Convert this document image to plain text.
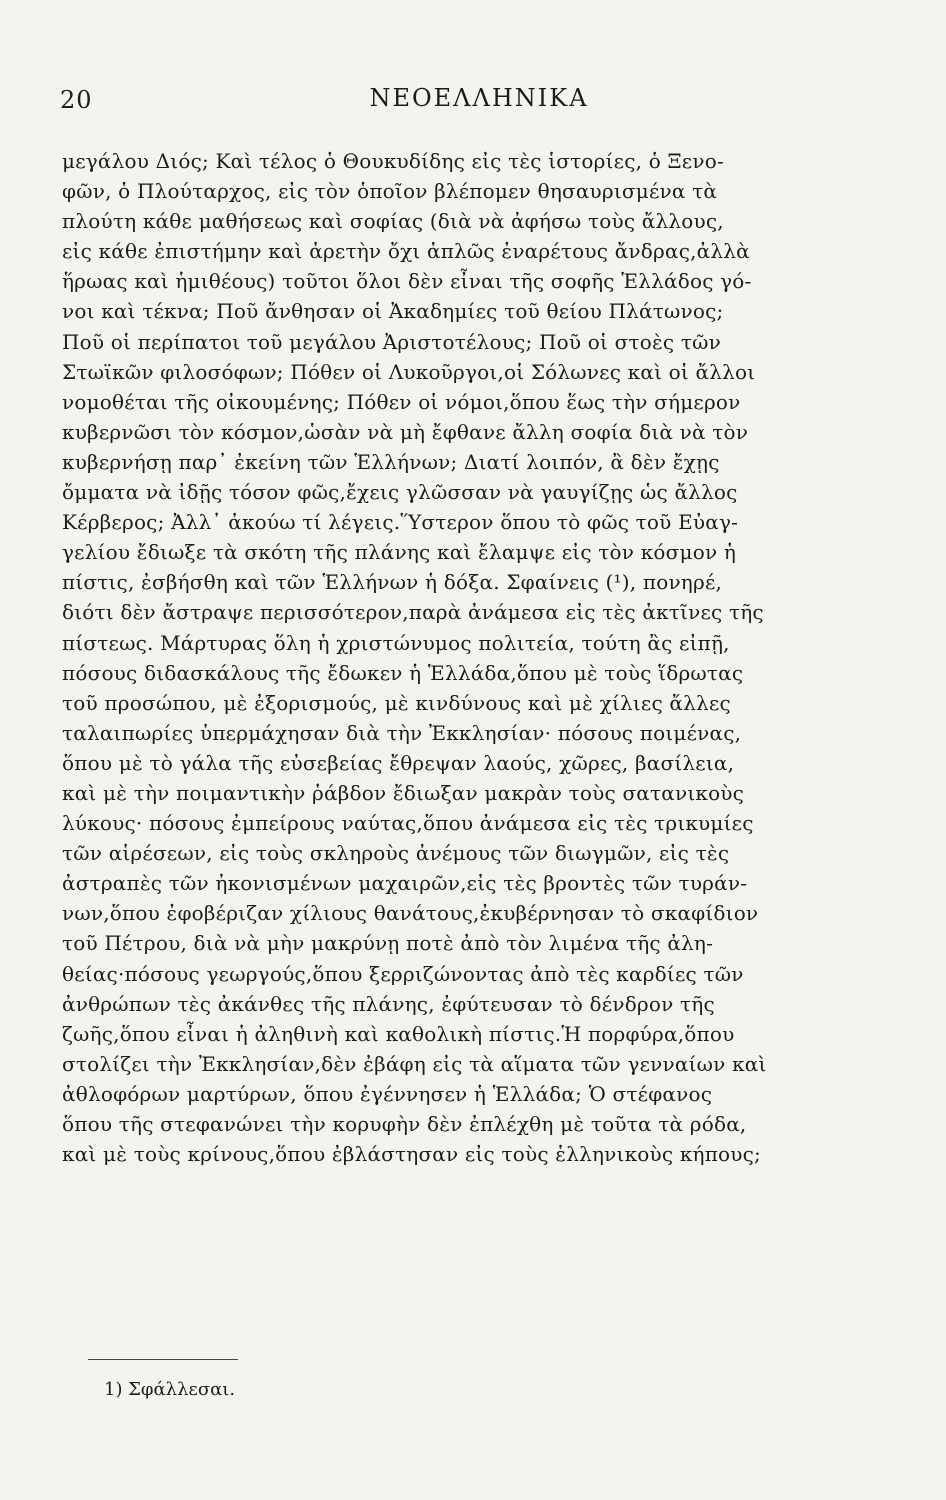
20	ΝΕΟΕΛΛΗΝΙΚΑ
μεγάλου Διός; Καὶ τέλος ὁ Θουκυδίδης εἰς τὲς ἱστορίες, ὁ Ξενο-
φῶν, ὁ Πλούταρχος, εἰς τὸν ὁποῖον βλέπομεν θησαυρισμένα τὰ
πλούτη κάθε μαθήσεως καὶ σοφίας (διὰ νὰ ἀφήσω τοὺς ἄλλους,
εἰς κάθε ἐπιστήμην καὶ ἀρετὴν ὄχι ἁπλῶς ἐναρέτους ἄνδρας,ἀλλὰ
ἥρωας καὶ ἡμιθέους) τοῦτοι ὅλοι δὲν εἶναι τῆς σοφῆς Ἑλλάδος γό-
νοι καὶ τέκνα; Ποῦ ἄνθησαν οἱ Ἀκαδημίες τοῦ θείου Πλάτωνος;
Ποῦ οἱ περίπατοι τοῦ μεγάλου Ἀριστοτέλους; Ποῦ οἱ στοὲς τῶν
Στωϊκῶν φιλοσόφων; Πόθεν οἱ Λυκοῦργοι,οἱ Σόλωνες καὶ οἱ ἄλλοι
νομοθέται τῆς οἰκουμένης; Πόθεν οἱ νόμοι,ὅπου ἕως τὴν σήμερον
κυβερνῶσι τὸν κόσμον,ὡσὰν νὰ μὴ ἔφθανε ἄλλη σοφία διὰ νὰ τὸν
κυβερνήσῃ παρ᾽ ἐκείνη τῶν Ἑλλήνων; Διατί λοιπόν, ἂ δὲν ἔχῃς
ὄμματα νὰ ἰδῇς τόσον φῶς,ἔχεις γλῶσσαν νὰ γαυγίζῃς ὡς ἄλλος
Κέρβερος; Ἀλλ᾽ ἀκούω τί λέγεις.Ὕστερον ὅπου τὸ φῶς τοῦ Εὐαγ-
γελίου ἔδιωξε τὰ σκότη τῆς πλάνης καὶ ἔλαμψε εἰς τὸν κόσμον ἡ
πίστις, ἐσβήσθη καὶ τῶν Ἑλλήνων ἡ δόξα. Σφαίνεις (¹), πονηρέ,
διότι δὲν ἄστραψε περισσότερον,παρὰ ἀνάμεσα εἰς τὲς ἀκτῖνες τῆς
πίστεως. Μάρτυρας ὅλη ἡ χριστώνυμος πολιτεία, τούτη ἂς εἰπῇ,
πόσους διδασκάλους τῆς ἔδωκεν ἡ Ἑλλάδα,ὅπου μὲ τοὺς ἵδρωτας
τοῦ προσώπου, μὲ ἐξορισμούς, μὲ κινδύνους καὶ μὲ χίλιες ἄλλες
ταλαιπωρίες ὑπερμάχησαν διὰ τὴν Ἐκκλησίαν· πόσους ποιμένας,
ὅπου μὲ τὸ γάλα τῆς εὐσεβείας ἔθρεψαν λαούς, χῶρες, βασίλεια,
καὶ μὲ τὴν ποιμαντικὴν ῥάβδον ἔδιωξαν μακρὰν τοὺς σατανικοὺς
λύκους· πόσους ἐμπείρους ναύτας,ὅπου ἀνάμεσα εἰς τὲς τρικυμίες
τῶν αἱρέσεων, εἰς τοὺς σκληροὺς ἀνέμους τῶν διωγμῶν, εἰς τὲς
ἀστραπὲς τῶν ἠκονισμένων μαχαιρῶν,εἰς τὲς βροντὲς τῶν τυράν-
νων,ὅπου ἐφοβέριζαν χίλιους θανάτους,ἐκυβέρνησαν τὸ σκαφίδιον
τοῦ Πέτρου, διὰ νὰ μὴν μακρύνῃ ποτὲ ἀπὸ τὸν λιμένα τῆς ἀλη-
θείας·πόσους γεωργούς,ὅπου ξερριζώνοντας ἀπὸ τὲς καρδίες τῶν
ἀνθρώπων τὲς ἀκάνθες τῆς πλάνης, ἐφύτευσαν τὸ δένδρον τῆς
ζωῆς,ὅπου εἶναι ἡ ἀληθινὴ καὶ καθολικὴ πίστις.Ἡ πορφύρα,ὅπου
στολίζει τὴν Ἐκκλησίαν,δὲν ἐβάφη εἰς τὰ αἵματα τῶν γενναίων καὶ
ἀθλοφόρων μαρτύρων, ὅπου ἐγέννησεν ἡ Ἑλλάδα; Ὁ στέφανος
ὅπου τῆς στεφανώνει τὴν κορυφὴν δὲν ἐπλέχθη μὲ τοῦτα τὰ ρόδα,
καὶ μὲ τοὺς κρίνους,ὅπου ἐβλάστησαν εἰς τοὺς ἑλληνικοὺς κήπους;
1) Σφάλλεσαι.
